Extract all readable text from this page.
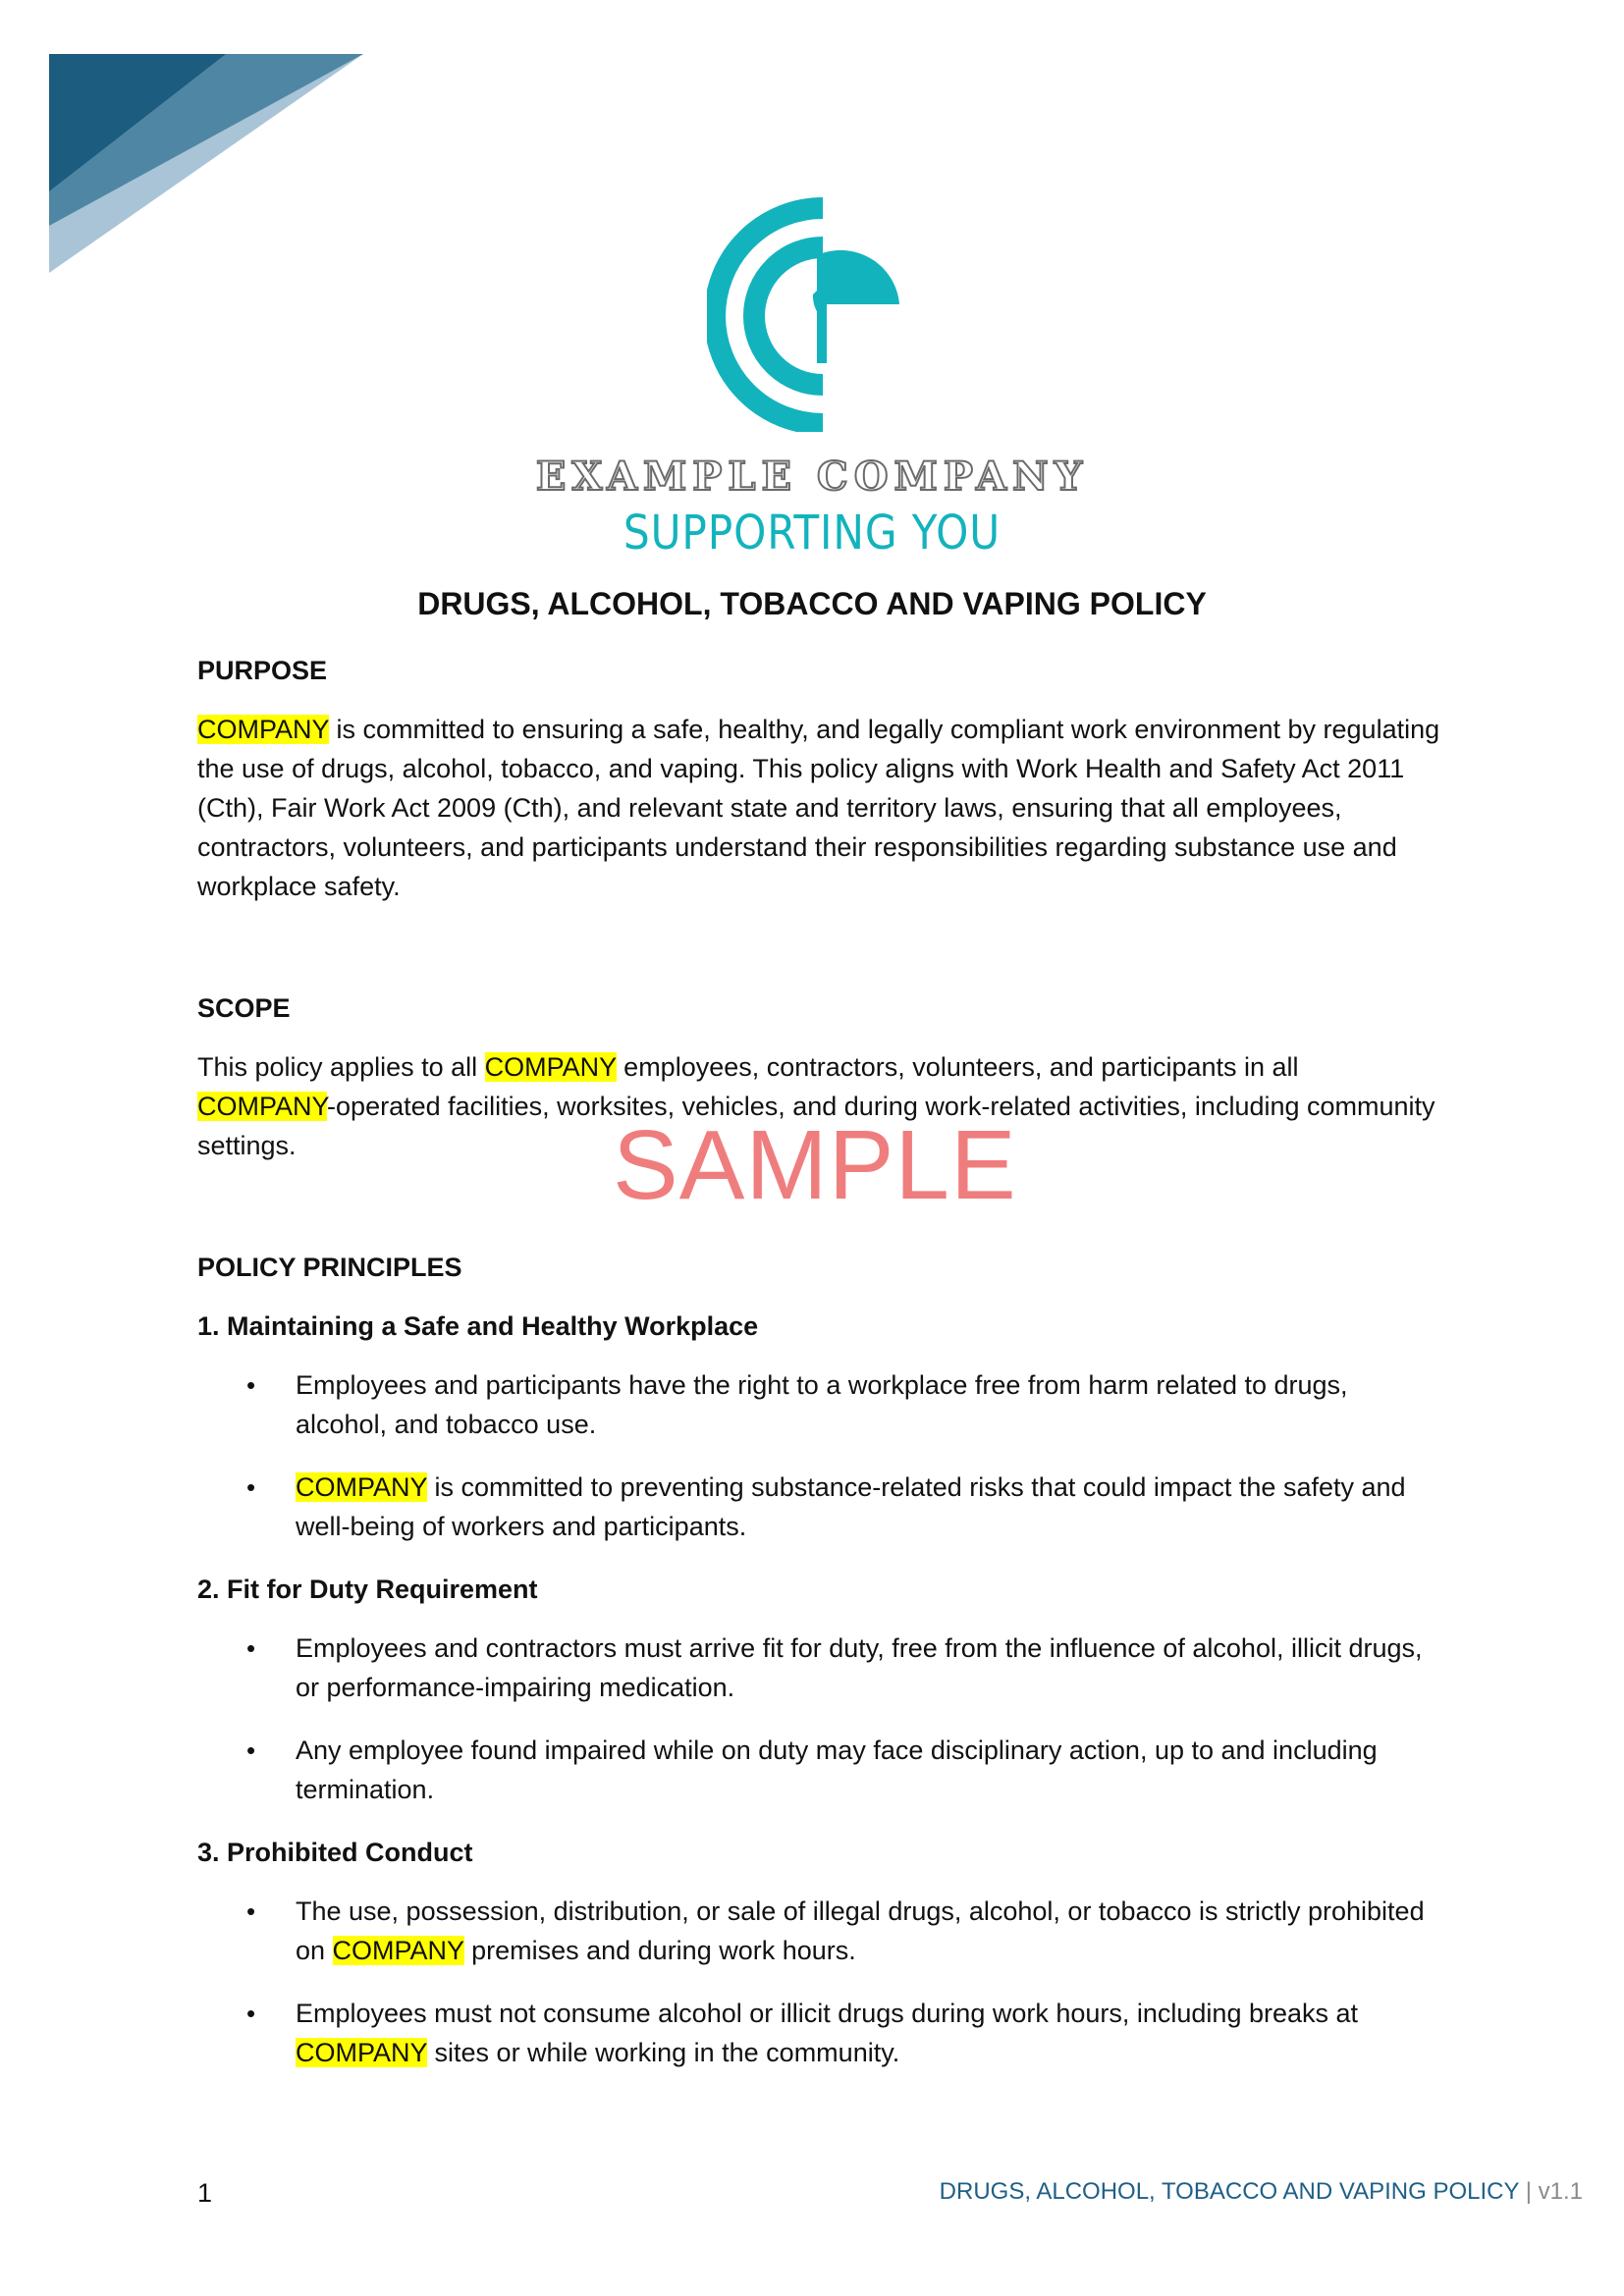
EXAMPLE COMPANY
SUPPORTING YOU
DRUGS, ALCOHOL, TOBACCO AND VAPING POLICY
PURPOSE

COMPANY is committed to ensuring a safe, healthy, and legally compliant work environment by regulating the use of drugs, alcohol, tobacco, and vaping. This policy aligns with Work Health and Safety Act 2011 (Cth), Fair Work Act 2009 (Cth), and relevant state and territory laws, ensuring that all employees, contractors, volunteers, and participants understand their responsibilities regarding substance use and workplace safety.

SCOPE

This policy applies to all COMPANY employees, contractors, volunteers, and participants in all COMPANY-operated facilities, worksites, vehicles, and during work-related activities, including community settings.

POLICY PRINCIPLES
1. Maintaining a Safe and Healthy Workplace
• Employees and participants have the right to a workplace free from harm related to drugs, alcohol, and tobacco use.
• COMPANY is committed to preventing substance-related risks that could impact the safety and well-being of workers and participants.
2. Fit for Duty Requirement
• Employees and contractors must arrive fit for duty, free from the influence of alcohol, illicit drugs, or performance-impairing medication.
• Any employee found impaired while on duty may face disciplinary action, up to and including termination.
3. Prohibited Conduct
• The use, possession, distribution, or sale of illegal drugs, alcohol, or tobacco is strictly prohibited on COMPANY premises and during work hours.
• Employees must not consume alcohol or illicit drugs during work hours, including breaks at COMPANY sites or while working in the community.
SAMPLE
1	DRUGS, ALCOHOL, TOBACCO AND VAPING POLICY | v1.1
